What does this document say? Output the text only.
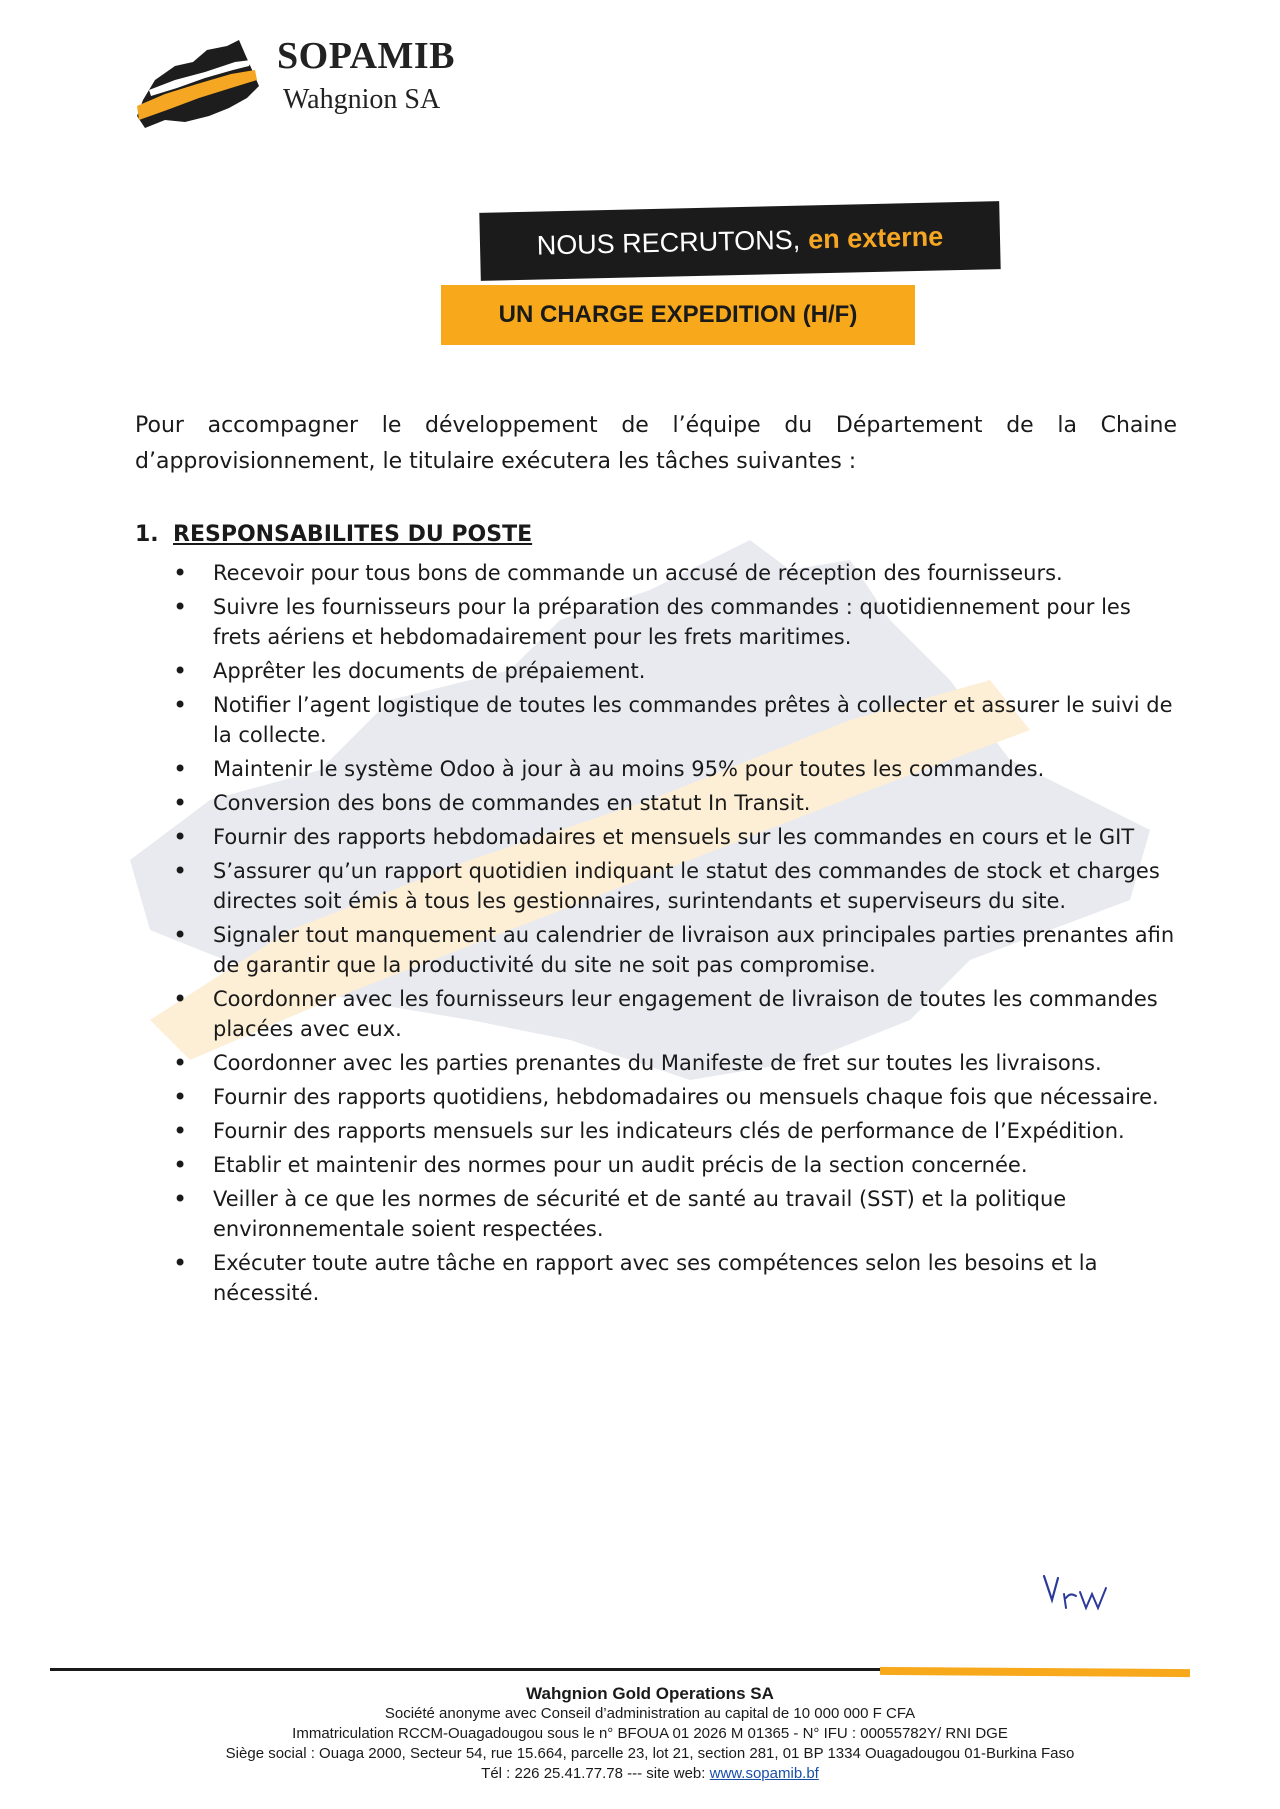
SOPAMIB
Wahgnion SA
NOUS RECRUTONS, en externe
UN CHARGE EXPEDITION (H/F)
Pour accompagner le développement de l’équipe du Département de la Chaine d’approvisionnement, le titulaire exécutera les tâches suivantes :
1. RESPONSABILITES DU POSTE
• Recevoir pour tous bons de commande un accusé de réception des fournisseurs.
• Suivre les fournisseurs pour la préparation des commandes : quotidiennement pour les frets aériens et hebdomadairement pour les frets maritimes.
• Apprêter les documents de prépaiement.
• Notifier l’agent logistique de toutes les commandes prêtes à collecter et assurer le suivi de la collecte.
• Maintenir le système Odoo à jour à au moins 95% pour toutes les commandes.
• Conversion des bons de commandes en statut In Transit.
• Fournir des rapports hebdomadaires et mensuels sur les commandes en cours et le GIT
• S’assurer qu’un rapport quotidien indiquant le statut des commandes de stock et charges directes soit émis à tous les gestionnaires, surintendants et superviseurs du site.
• Signaler tout manquement au calendrier de livraison aux principales parties prenantes afin de garantir que la productivité du site ne soit pas compromise.
• Coordonner avec les fournisseurs leur engagement de livraison de toutes les commandes placées avec eux.
• Coordonner avec les parties prenantes du Manifeste de fret sur toutes les livraisons.
• Fournir des rapports quotidiens, hebdomadaires ou mensuels chaque fois que nécessaire.
• Fournir des rapports mensuels sur les indicateurs clés de performance de l’Expédition.
• Etablir et maintenir des normes pour un audit précis de la section concernée.
• Veiller à ce que les normes de sécurité et de santé au travail (SST) et la politique environnementale soient respectées.
• Exécuter toute autre tâche en rapport avec ses compétences selon les besoins et la nécessité.
Wahgnion Gold Operations SA
Société anonyme avec Conseil d’administration au capital de 10 000 000 F CFA
Immatriculation RCCM-Ouagadougou sous le n° BFOUA 01 2026 M 01365 - N° IFU : 00055782Y/ RNI DGE
Siège social : Ouaga 2000, Secteur 54, rue 15.664, parcelle 23, lot 21, section 281, 01 BP 1334 Ouagadougou 01-Burkina Faso
Tél : 226 25.41.77.78 --- site web: www.sopamib.bf
